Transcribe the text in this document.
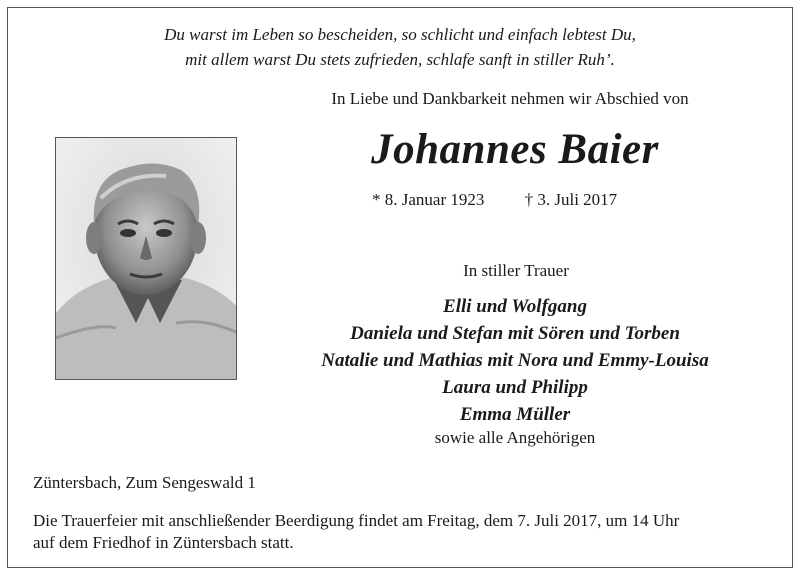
Du warst im Leben so bescheiden, so schlicht und einfach lebtest Du,
mit allem warst Du stets zufrieden, schlafe sanft in stiller Ruh’.
In Liebe und Dankbarkeit nehmen wir Abschied von
Johannes Baier
* 8. Januar 1923 † 3. Juli 2017
In stiller Trauer
Elli und Wolfgang
Daniela und Stefan mit Sören und Torben
Natalie und Mathias mit Nora und Emmy-Louisa
Laura und Philipp
Emma Müller
sowie alle Angehörigen
Züntersbach, Zum Sengeswald 1
Die Trauerfeier mit anschließender Beerdigung findet am Freitag, dem 7. Juli 2017, um 14 Uhr
auf dem Friedhof in Züntersbach statt.
